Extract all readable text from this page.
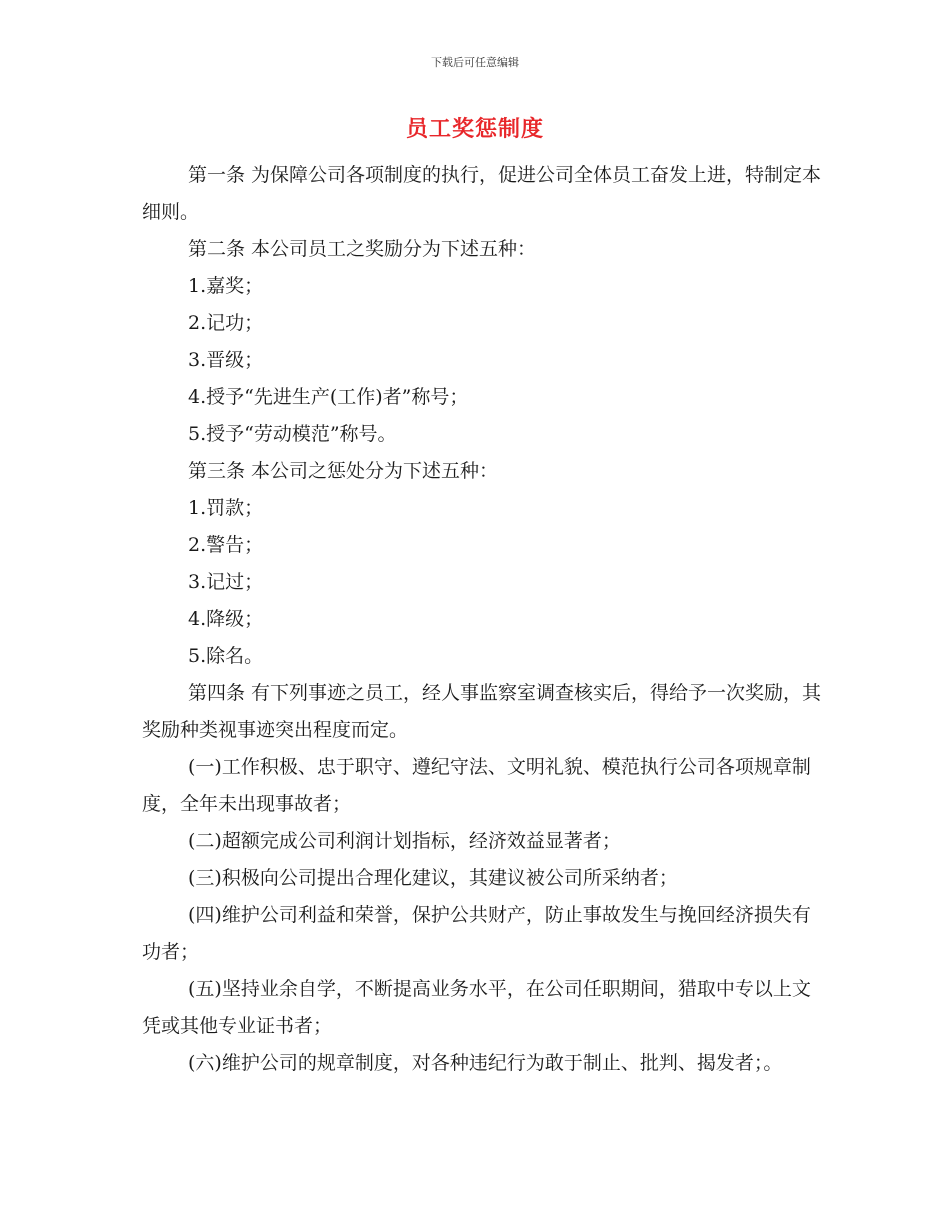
下载后可任意编辑
员工奖惩制度

第一条 为保障公司各项制度的执行，促进公司全体员工奋发上进，特制定本细则。

第二条 本公司员工之奖励分为下述五种：

1.嘉奖；

2.记功；

3.晋级；

4.授予“先进生产(工作)者”称号；

5.授予“劳动模范”称号。

第三条 本公司之惩处分为下述五种：

1.罚款；

2.警告；

3.记过；

4.降级；

5.除名。

第四条 有下列事迹之员工，经人事监察室调查核实后，得给予一次奖励，其奖励种类视事迹突出程度而定。

(一)工作积极、忠于职守、遵纪守法、文明礼貌、模范执行公司各项规章制度，全年未出现事故者；

(二)超额完成公司利润计划指标，经济效益显著者；

(三)积极向公司提出合理化建议，其建议被公司所采纳者；

(四)维护公司利益和荣誉，保护公共财产，防止事故发生与挽回经济损失有功者；

(五)坚持业余自学，不断提高业务水平，在公司任职期间，猎取中专以上文凭或其他专业证书者；

(六)维护公司的规章制度，对各种违纪行为敢于制止、批判、揭发者；。
